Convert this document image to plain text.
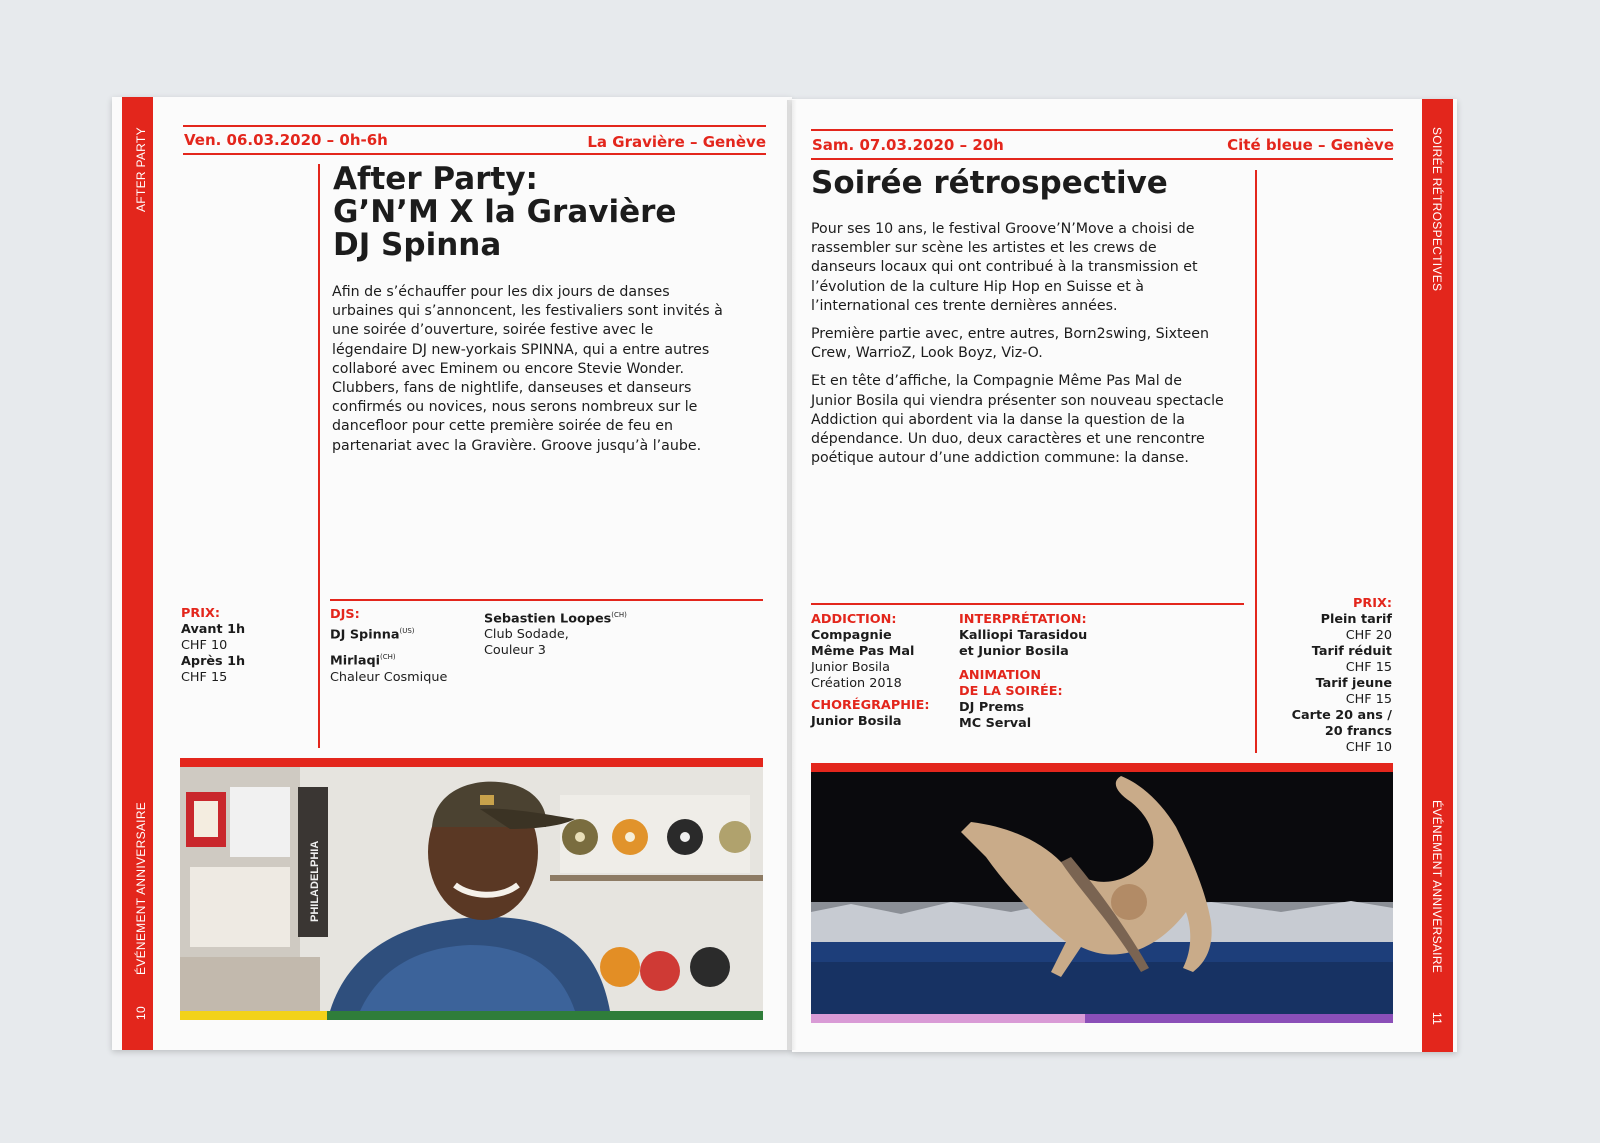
AFTER PARTY
ÉVÉNEMENT ANNIVERSAIRE
10
Ven. 06.03.2020 – 0h-6h	La Gravière – Genève
After Party:
G’N’M X la Gravière
DJ Spinna

Afin de s’échauffer pour les dix jours de danses urbaines qui s’annoncent, les festivaliers sont invités à une soirée d’ouverture, soirée festive avec le légendaire DJ new-yorkais SPINNA, qui a entre autres collaboré avec Eminem ou encore Stevie Wonder. Clubbers, fans de nightlife, danseuses et danseurs confirmés ou novices, nous serons nombreux sur le dancefloor pour cette première soirée de feu en partenariat avec la Gravière. Groove jusqu’à l’aube.

PRIX:
Avant 1h
CHF 10
Après 1h
CHF 15
DJS:
DJ Spinna$^{(US)}$
Mirlaqi$^{(CH)}$
Chaleur Cosmique
Sebastien Loopes$^{(CH)}$
Club Sodade,
Couleur 3
PHILADELPHIA
SOIRÉE RÉTROSPECTIVES
ÉVÉNEMENT ANNIVERSAIRE
11
Sam. 07.03.2020 – 20h	Cité bleue – Genève
Soirée rétrospective

Pour ses 10 ans, le festival Groove’N’Move a choisi de rassembler sur scène les artistes et les crews de danseurs locaux qui ont contribué à la transmission et l’évolution de la culture Hip Hop en Suisse et à l’international ces trente dernières années.

Première partie avec, entre autres, Born2swing, Sixteen Crew, WarrioZ, Look Boyz, Viz-O.

Et en tête d’affiche, la Compagnie Même Pas Mal de Junior Bosila qui viendra présenter son nouveau spectacle Addiction qui abordent via la danse la question de la dépendance. Un duo, deux caractères et une rencontre poétique autour d’une addiction commune: la danse.

ADDICTION:
Compagnie
Même Pas Mal
Junior Bosila
Création 2018
CHORÉGRAPHIE:
Junior Bosila
INTERPRÉTATION:
Kalliopi Tarasidou
et Junior Bosila
ANIMATION
DE LA SOIRÉE:
DJ Prems
MC Serval
PRIX:
Plein tarif
CHF 20
Tarif réduit
CHF 15
Tarif jeune
CHF 15
Carte 20 ans /
20 francs
CHF 10
